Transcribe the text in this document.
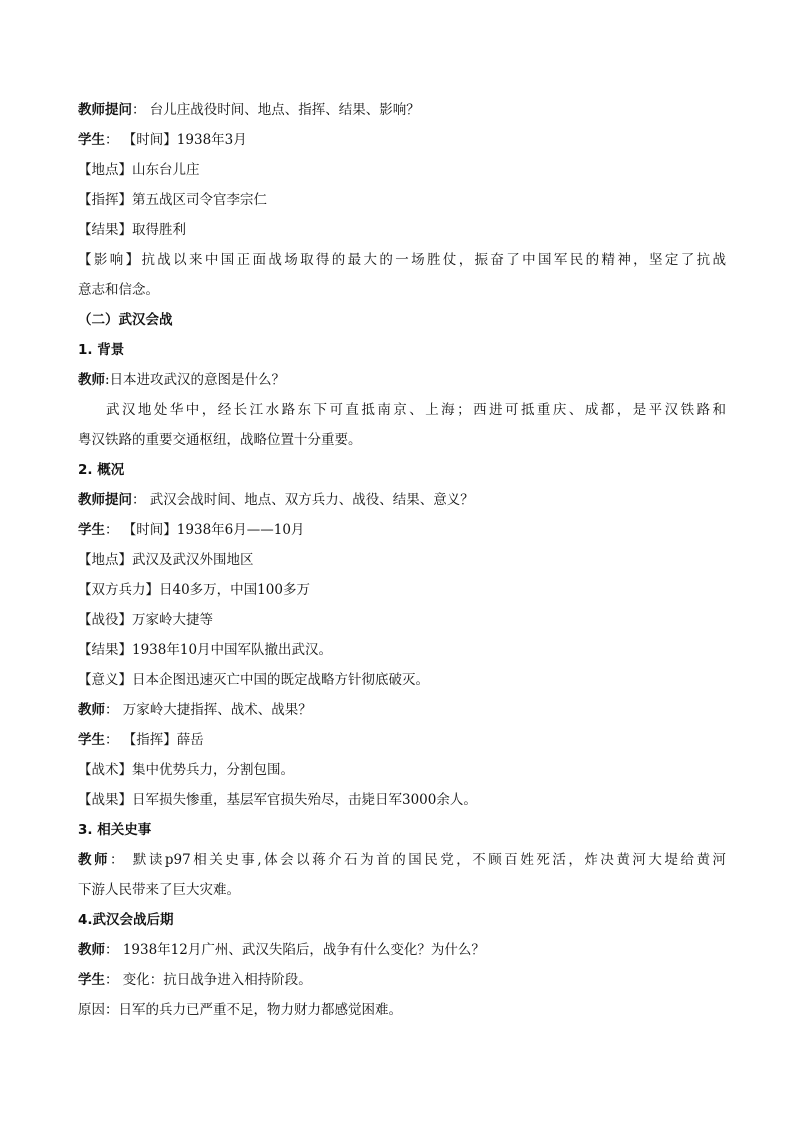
教师提问： 台儿庄战役时间、地点、指挥、结果、影响？
学生： 【时间】1938年3月
【地点】山东台儿庄
【指挥】第五战区司令官李宗仁
【结果】取得胜利
【影响】抗战以来中国正面战场取得的最大的一场胜仗，振奋了中国军民的精神，坚定了抗战
意志和信念。
（二）武汉会战
1. 背景
教师:日本进攻武汉的意图是什么？
武汉地处华中，经长江水路东下可直抵南京、上海；西进可抵重庆、成都，是平汉铁路和
粤汉铁路的重要交通枢纽，战略位置十分重要。
2. 概况
教师提问： 武汉会战时间、地点、双方兵力、战役、结果、意义？
学生： 【时间】1938年6月——10月
【地点】武汉及武汉外围地区
【双方兵力】日40多万，中国100多万
【战役】万家岭大捷等
【结果】1938年10月中国军队撤出武汉。
【意义】日本企图迅速灭亡中国的既定战略方针彻底破灭。
教师： 万家岭大捷指挥、战术、战果？
学生： 【指挥】薛岳
【战术】集中优势兵力，分割包围。
【战果】日军损失惨重，基层军官损失殆尽，击毙日军3000余人。
3. 相关史事
教师： 默读p97相关史事,体会以蒋介石为首的国民党，不顾百姓死活，炸决黄河大堤给黄河
下游人民带来了巨大灾难。
4.武汉会战后期
教师： 1938年12月广州、武汉失陷后，战争有什么变化？为什么？
学生： 变化：抗日战争进入相持阶段。
原因：日军的兵力已严重不足，物力财力都感觉困难。
